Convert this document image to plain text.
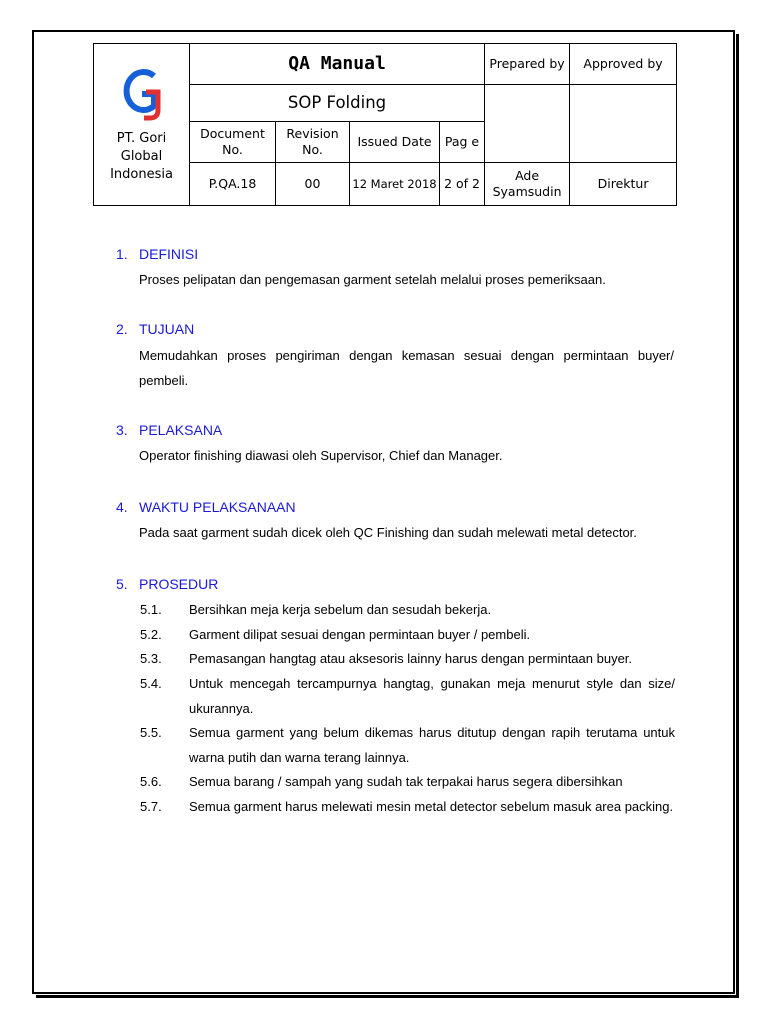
PT. Gori
Global
Indonesia	QA Manual				Prepared by	Approved by
	SOP Folding					
	Document No.	Revision No.	Issued Date	Pag e		
	P.QA.18	00	12 Maret 2018	2 of 2	Ade Syamsudin	Direktur
1. DEFINISI
Proses pelipatan dan pengemasan garment setelah melalui proses pemeriksaan.
2. TUJUAN
Memudahkan proses pengiriman dengan kemasan sesuai dengan permintaan buyer/ pembeli.
3. PELAKSANA
Operator finishing diawasi oleh Supervisor, Chief dan Manager.
4. WAKTU PELAKSANAAN
Pada saat garment sudah dicek oleh QC Finishing dan sudah melewati metal detector.
5. PROSEDUR
5.1. Bersihkan meja kerja sebelum dan sesudah bekerja.
5.2. Garment dilipat sesuai dengan permintaan buyer / pembeli.
5.3. Pemasangan hangtag atau aksesoris lainny harus dengan permintaan buyer.
5.4. Untuk mencegah tercampurnya hangtag, gunakan meja menurut style dan size/ ukurannya.
5.5. Semua garment yang belum dikemas harus ditutup dengan rapih terutama untuk warna putih dan warna terang lainnya.
5.6. Semua barang / sampah yang sudah tak terpakai harus segera dibersihkan
5.7. Semua garment harus melewati mesin metal detector sebelum masuk area packing.
